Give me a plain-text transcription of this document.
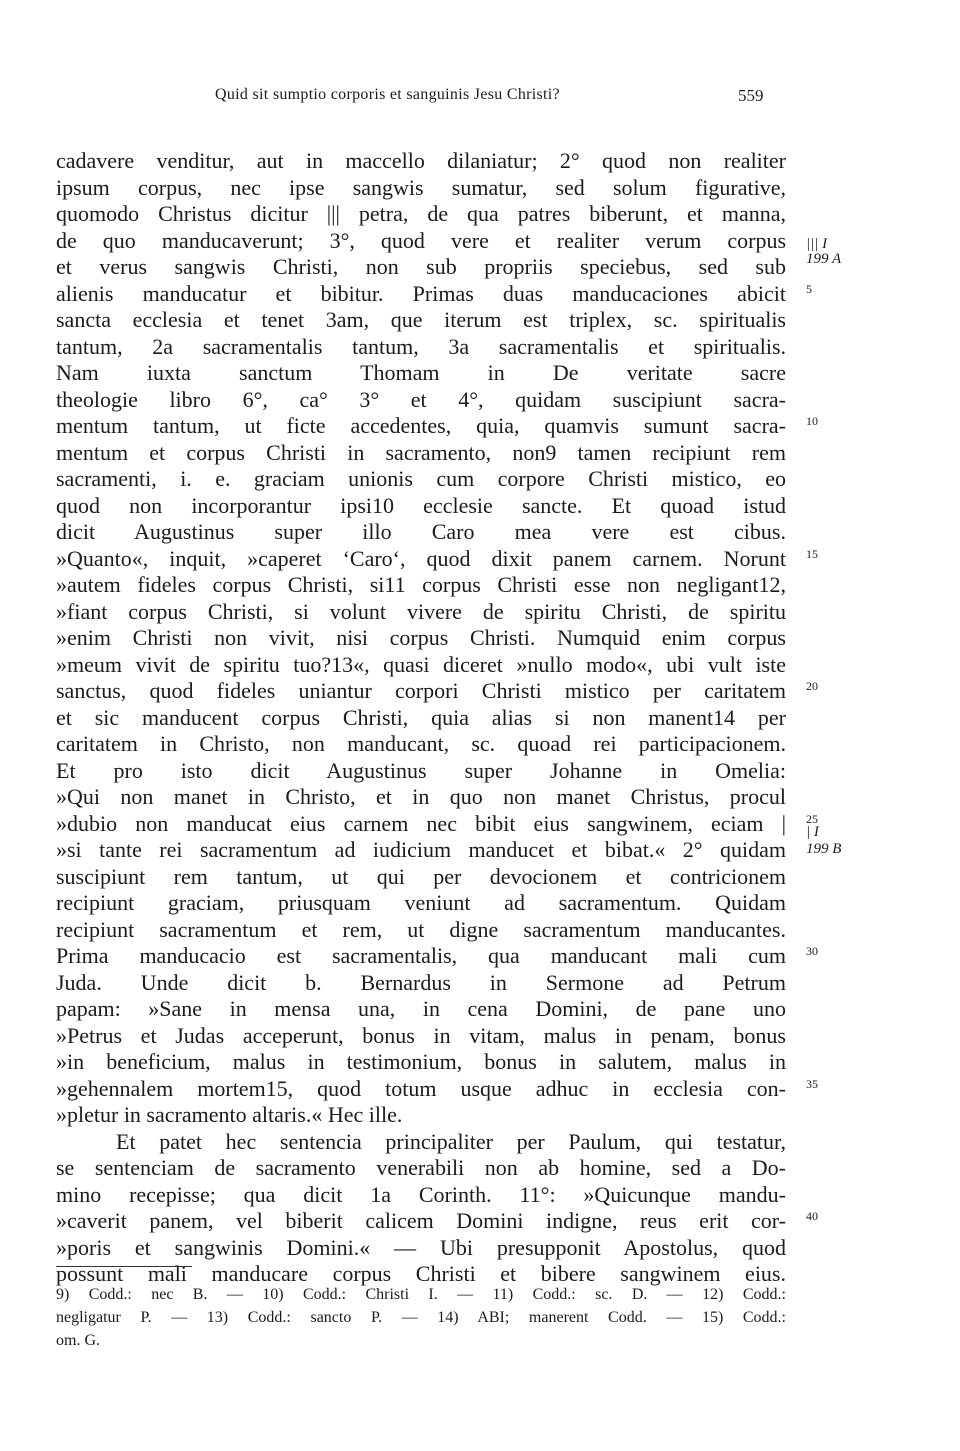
Quid sit sumptio corporis et sanguinis Jesu Christi?	559
cadavere venditur, aut in maccello dilaniatur; 2° quod non realiter
ipsum corpus, nec ipse sangwis sumatur, sed solum figurative,
quomodo Christus dicitur ||| petra, de qua patres biberunt, et manna,
de quo manducaverunt; 3°, quod vere et realiter verum corpus
et verus sangwis Christi, non sub propriis speciebus, sed sub
alienis manducatur et bibitur. Primas duas manducaciones abicit
sancta ecclesia et tenet 3am, que iterum est triplex, sc. spiritualis
tantum, 2a sacramentalis tantum, 3a sacramentalis et spiritualis.
Nam iuxta sanctum Thomam in De veritate sacre
theologie libro 6°, ca° 3° et 4°, quidam suscipiunt sacra-
mentum tantum, ut ficte accedentes, quia, quamvis sumunt sacra-
mentum et corpus Christi in sacramento, non9 tamen recipiunt rem
sacramenti, i. e. graciam unionis cum corpore Christi mistico, eo
quod non incorporantur ipsi10 ecclesie sancte. Et quoad istud
dicit Augustinus super illo Caro mea vere est cibus.
»Quanto«, inquit, »caperet ‘Caro‘, quod dixit panem carnem. Norunt
»autem fideles corpus Christi, si11 corpus Christi esse non negligant12,
»fiant corpus Christi, si volunt vivere de spiritu Christi, de spiritu
»enim Christi non vivit, nisi corpus Christi. Numquid enim corpus
»meum vivit de spiritu tuo?13«, quasi diceret »nullo modo«, ubi vult iste
sanctus, quod fideles uniantur corpori Christi mistico per caritatem
et sic manducent corpus Christi, quia alias si non manent14 per
caritatem in Christo, non manducant, sc. quoad rei participacionem.
Et pro isto dicit Augustinus super Johanne in Omelia:
»Qui non manet in Christo, et in quo non manet Christus, procul
»dubio non manducat eius carnem nec bibit eius sangwinem, eciam |
»si tante rei sacramentum ad iudicium manducet et bibat.« 2° quidam
suscipiunt rem tantum, ut qui per devocionem et contricionem
recipiunt graciam, priusquam veniunt ad sacramentum. Quidam
recipiunt sacramentum et rem, ut digne sacramentum manducantes.
Prima manducacio est sacramentalis, qua manducant mali cum
Juda. Unde dicit b. Bernardus in Sermone ad Petrum
papam: »Sane in mensa una, in cena Domini, de pane uno
»Petrus et Judas acceperunt, bonus in vitam, malus in penam, bonus
»in beneficium, malus in testimonium, bonus in salutem, malus in
»gehennalem mortem15, quod totum usque adhuc in ecclesia con-
»pletur in sacramento altaris.« Hec ille.
Et patet hec sentencia principaliter per Paulum, qui testatur,
se sentenciam de sacramento venerabili non ab homine, sed a Do-
mino recepisse; qua dicit 1a Corinth. 11°: »Quicunque mandu-
»caverit panem, vel biberit calicem Domini indigne, reus erit cor-
»poris et sangwinis Domini.« — Ubi presupponit Apostolus, quod
possunt mali manducare corpus Christi et bibere sangwinem eius.
||| I
199 A
5
10
15
20
25
| I
199 B
30
35
40
9) Codd.: nec B. — 10) Codd.: Christi I. — 11) Codd.: sc. D. — 12) Codd.:
negligatur P. — 13) Codd.: sancto P. — 14) ABI; manerent Codd. — 15) Codd.:
om. G.
